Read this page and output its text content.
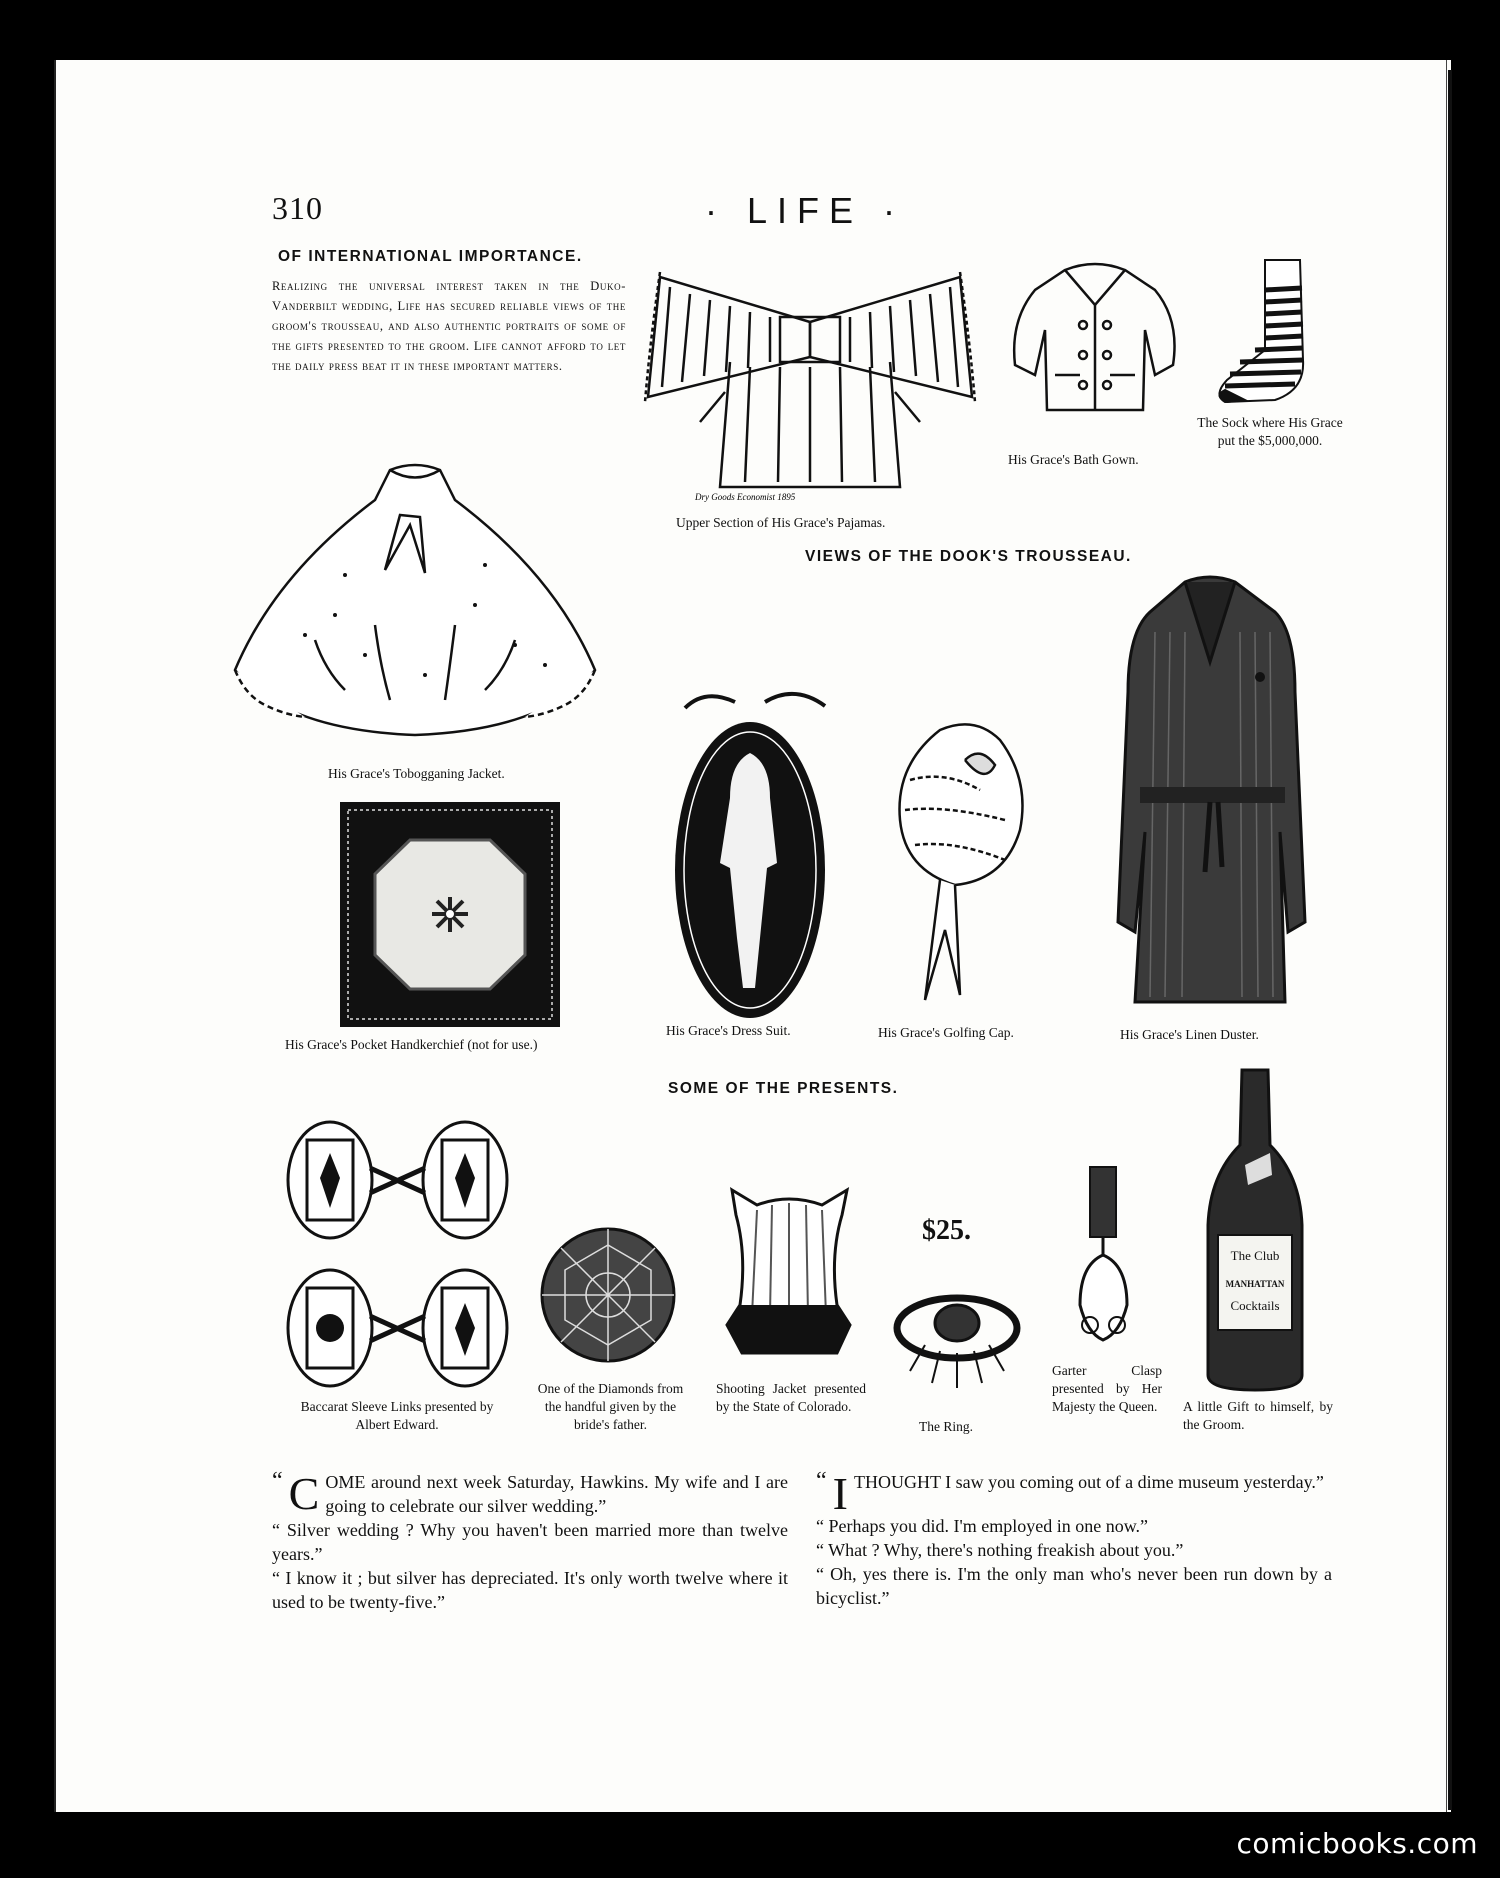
310	· LIFE ·
OF INTERNATIONAL IMPORTANCE.
Realizing the universal interest taken in the Duko-Vanderbilt wedding, Life has secured reliable views of the groom's trousseau, and also authentic portraits of some of the gifts presented to the groom. Life cannot afford to let the daily press beat it in these important matters.
Dry Goods Economist 1895
Upper Section of His Grace's Pajamas.
His Grace's Bath Gown.
The Sock where His Grace put the $5,000,000.
VIEWS OF THE DOOK'S TROUSSEAU.
His Grace's Tobogganing Jacket.
His Grace's Pocket Handkerchief (not for use.)
His Grace's Dress Suit.	His Grace's Golfing Cap.	His Grace's Linen Duster.
SOME OF THE PRESENTS.
Baccarat Sleeve Links presented by Albert Edward.
One of the Diamonds from the handful given by the bride's father.
Shooting Jacket presented by the State of Colorado.
$25.
The Ring.
Garter Clasp presented by Her Majesty the Queen.
The Club
MANHATTAN
Cocktails
A little Gift to himself, by the Groom.

“ C OME around next week Saturday, Hawkins. My wife and I are going to celebrate our silver wedding.”

“ Silver wedding ? Why you haven't been married more than twelve years.”

“ I know it ; but silver has depreciated. It's only worth twelve where it used to be twenty-five.”

“ I THOUGHT I saw you coming out of a dime museum yesterday.”

“ Perhaps you did. I'm employed in one now.”

“ What ? Why, there's nothing freakish about you.”

“ Oh, yes there is. I'm the only man who's never been run down by a bicyclist.”

comicbooks.com
